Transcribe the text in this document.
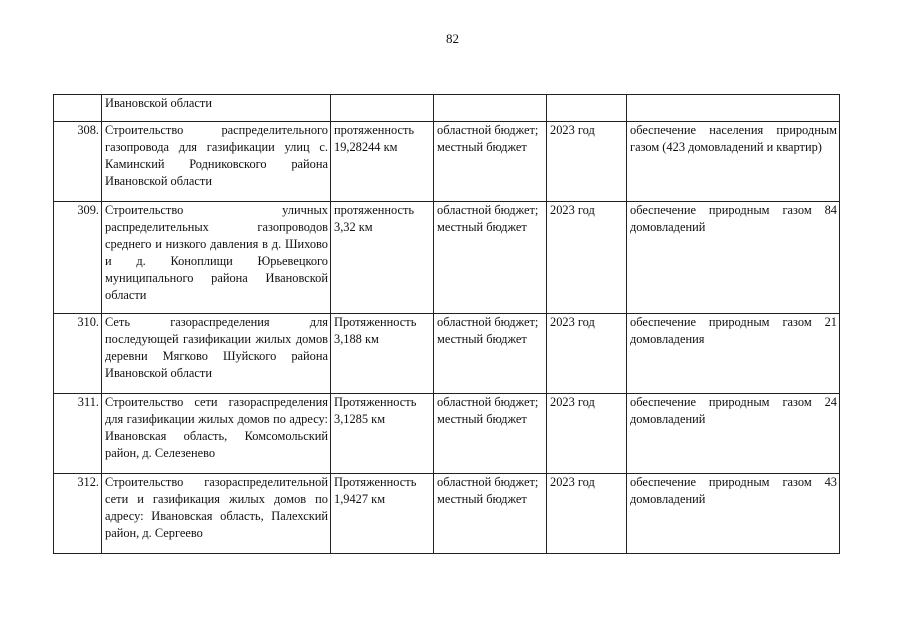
82
	Ивановской области				
308.	Строительство распределительного газопровода для газификации улиц с. Каминский Родниковского района Ивановской области	протяженность 19,28244 км	областной бюджет; местный бюджет	2023 год	обеспечение населения природным газом (423 домовладений и квартир)
309.	Строительство уличных распределительных газопроводов среднего и низкого давления в д. Шихово и д. Коноплищи Юрьевецкого муниципального района Ивановской области	протяженность 3,32 км	областной бюджет; местный бюджет	2023 год	обеспечение природным газом 84 домовладений
310.	Сеть газораспределения для последующей газификации жилых домов деревни Мягково Шуйского района Ивановской области	Протяженность 3,188 км	областной бюджет; местный бюджет	2023 год	обеспечение природным газом 21 домовладения
311.	Строительство сети газораспределения для газификации жилых домов по адресу: Ивановская область, Комсомольский район, д. Селезенево	Протяженность 3,1285 км	областной бюджет; местный бюджет	2023 год	обеспечение природным газом 24 домовладений
312.	Строительство газораспределительной сети и газификация жилых домов по адресу: Ивановская область, Палехский район, д. Сергеево	Протяженность 1,9427 км	областной бюджет; местный бюджет	2023 год	обеспечение природным газом 43 домовладений
